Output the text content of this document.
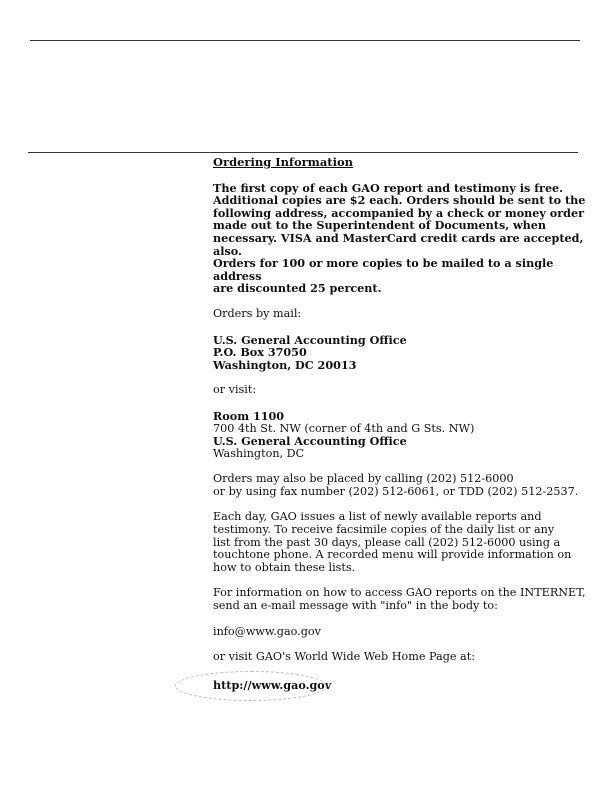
Ordering Information

The first copy of each GAO report and testimony is free.
Additional copies are $2 each. Orders should be sent to the
following address, accompanied by a check or money order
made out to the Superintendent of Documents, when
necessary. VISA and MasterCard credit cards are accepted, also.
Orders for 100 or more copies to be mailed to a single address
are discounted 25 percent.

Orders by mail:

U.S. General Accounting Office
P.O. Box 37050
Washington, DC 20013

or visit:

Room 1100
700 4th St. NW (corner of 4th and G Sts. NW)
U.S. General Accounting Office
Washington, DC

Orders may also be placed by calling (202) 512-6000
or by using fax number (202) 512-6061, or TDD (202) 512-2537.

Each day, GAO issues a list of newly available reports and
testimony. To receive facsimile copies of the daily list or any
list from the past 30 days, please call (202) 512-6000 using a
touchtone phone. A recorded menu will provide information on
how to obtain these lists.

For information on how to access GAO reports on the INTERNET,
send an e-mail message with "info" in the body to:

info@www.gao.gov

or visit GAO's World Wide Web Home Page at:

http://www.gao.gov
